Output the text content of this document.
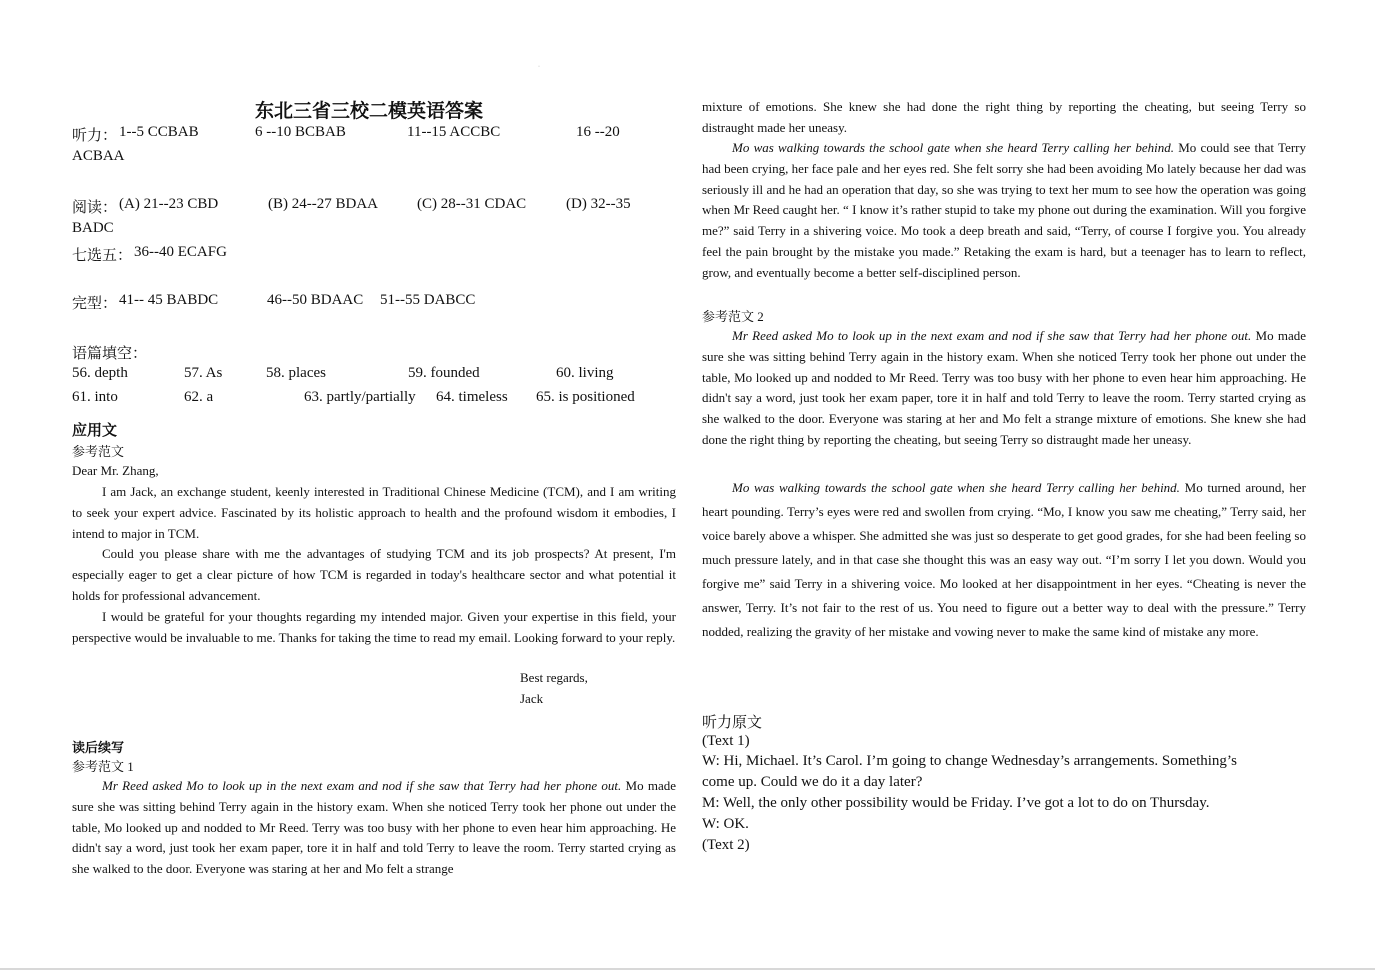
·
东北三省三校二模英语答案
听力： 1--5 CCBAB	6 --10 BCBAB	11--15 ACCBC	16 --20
ACBAA
阅读： (A) 21--23 CBD	(B) 24--27 BDAA	(C) 28--31 CDAC	(D) 32--35
BADC
七选五： 36--40 ECAFG
完型： 41-- 45 BABDC	46--50 BDAAC 51--55 DABCC
语篇填空：
56. depth	57. As	58. places	59. founded	60. living
61. into	62. a	63. partly/partially 64. timeless 65. is positioned
应用文
参考范文
Dear Mr. Zhang,

I am Jack, an exchange student, keenly interested in Traditional Chinese Medicine (TCM), and I am writing to seek your expert advice. Fascinated by its holistic approach to health and the profound wisdom it embodies, I intend to major in TCM.

Could you please share with me the advantages of studying TCM and its job prospects? At present, I'm especially eager to get a clear picture of how TCM is regarded in today's healthcare sector and what potential it holds for professional advancement.

I would be grateful for your thoughts regarding my intended major. Given your expertise in this field, your perspective would be invaluable to me. Thanks for taking the time to read my email. Looking forward to your reply.

Best regards,
Jack
读后续写
参考范文 1

Mr Reed asked Mo to look up in the next exam and nod if she saw that Terry had her phone out. Mo made sure she was sitting behind Terry again in the history exam. When she noticed Terry took her phone out under the table, Mo looked up and nodded to Mr Reed. Terry was too busy with her phone to even hear him approaching. He didn't say a word, just took her exam paper, tore it in half and told Terry to leave the room. Terry started crying as she walked to the door. Everyone was staring at her and Mo felt a strange

mixture of emotions. She knew she had done the right thing by reporting the cheating, but seeing Terry so distraught made her uneasy.

Mo was walking towards the school gate when she heard Terry calling her behind. Mo could see that Terry had been crying, her face pale and her eyes red. She felt sorry she had been avoiding Mo lately because her dad was seriously ill and he had an operation that day, so she was trying to text her mum to see how the operation was going when Mr Reed caught her. “ I know it’s rather stupid to take my phone out during the examination. Will you forgive me?” said Terry in a shivering voice. Mo took a deep breath and said, “Terry, of course I forgive you. You already feel the pain brought by the mistake you made.” Retaking the exam is hard, but a teenager has to learn to reflect, grow, and eventually become a better self-disciplined person.

参考范文 2

Mr Reed asked Mo to look up in the next exam and nod if she saw that Terry had her phone out. Mo made sure she was sitting behind Terry again in the history exam. When she noticed Terry took her phone out under the table, Mo looked up and nodded to Mr Reed. Terry was too busy with her phone to even hear him approaching. He didn't say a word, just took her exam paper, tore it in half and told Terry to leave the room. Terry started crying as she walked to the door. Everyone was staring at her and Mo felt a strange mixture of emotions. She knew she had done the right thing by reporting the cheating, but seeing Terry so distraught made her uneasy.

Mo was walking towards the school gate when she heard Terry calling her behind. Mo turned around, her heart pounding. Terry’s eyes were red and swollen from crying. “Mo, I know you saw me cheating,” Terry said, her voice barely above a whisper. She admitted she was just so desperate to get good grades, for she had been feeling so much pressure lately, and in that case she thought this was an easy way out. “I’m sorry I let you down. Would you forgive me” said Terry in a shivering voice. Mo looked at her disappointment in her eyes. “Cheating is never the answer, Terry. It’s not fair to the rest of us. You need to figure out a better way to deal with the pressure.” Terry nodded, realizing the gravity of her mistake and vowing never to make the same kind of mistake any more.

听力原文
(Text 1)
W: Hi, Michael. It’s Carol. I’m going to change Wednesday’s arrangements. Something’s
come up. Could we do it a day later?
M: Well, the only other possibility would be Friday. I’ve got a lot to do on Thursday.
W: OK.
(Text 2)
